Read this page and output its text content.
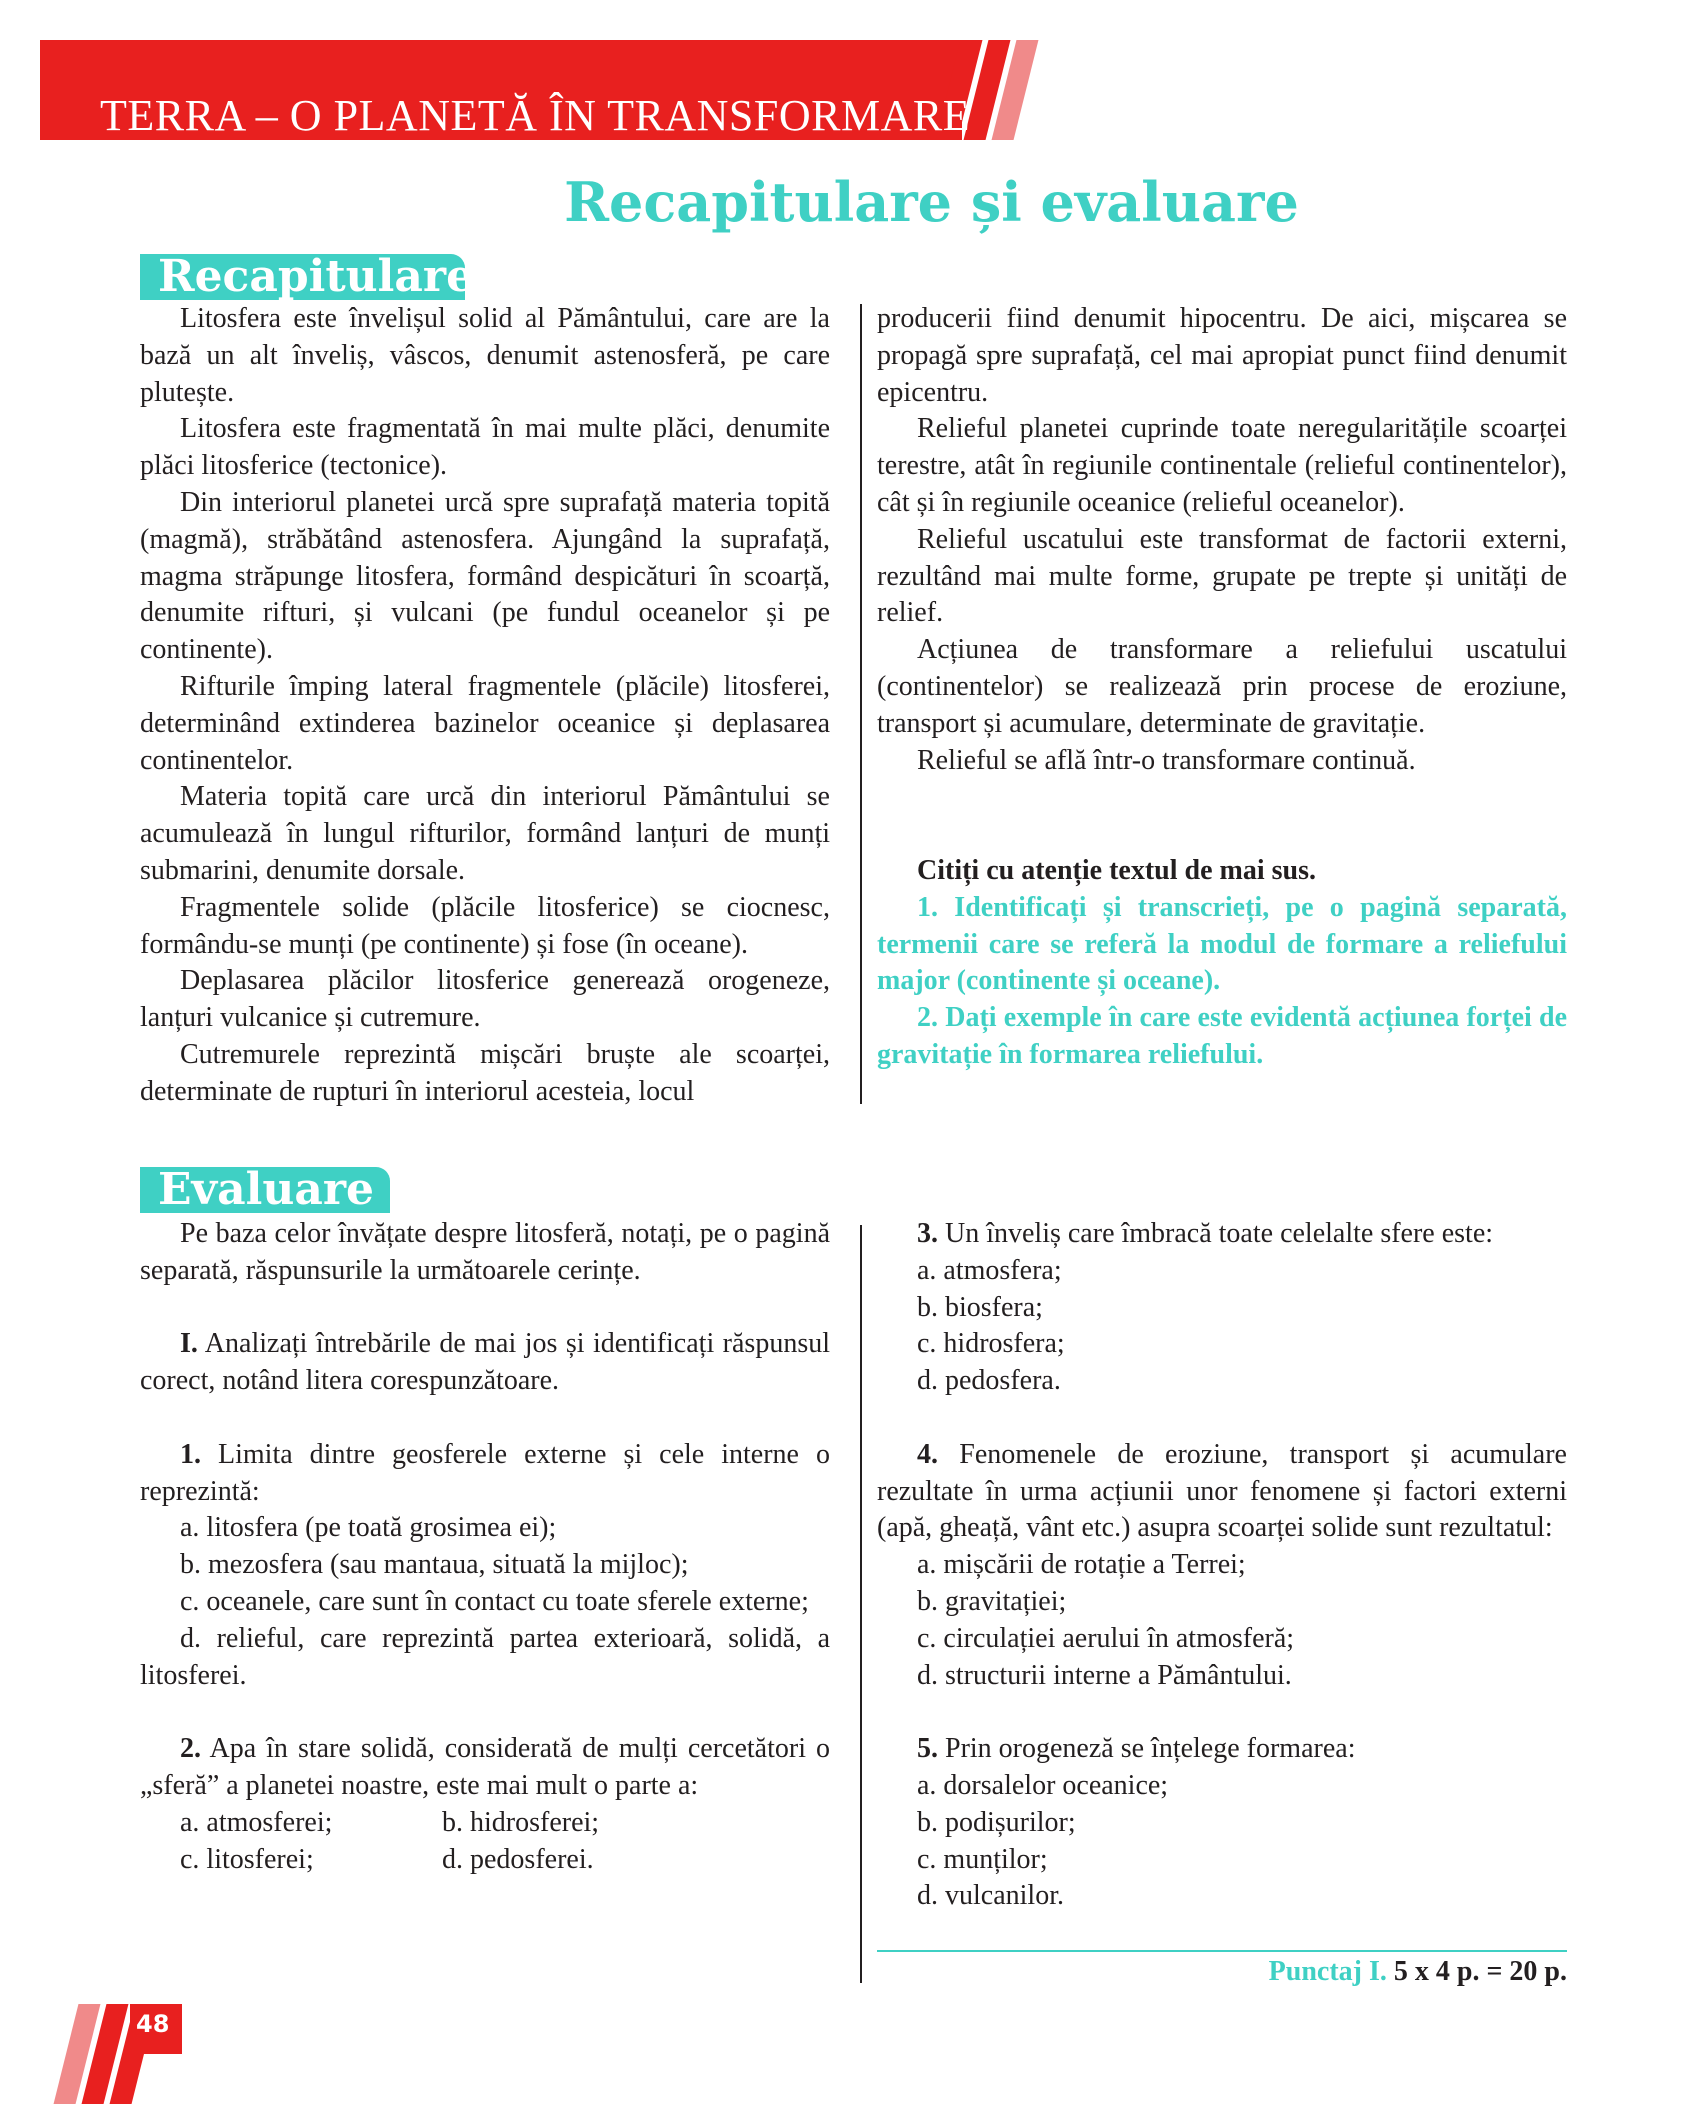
TERRA – O PLANETĂ ÎN TRANSFORMARE
Recapitulare și evaluare
Recapitulare

Litosfera este învelișul solid al Pământului, care are la bază un alt înveliș, vâscos, denumit astenosferă, pe care plutește.

Litosfera este fragmentată în mai multe plăci, denumite plăci litosferice (tectonice).

Din interiorul planetei urcă spre suprafață materia topită (magmă), străbătând astenosfera. Ajungând la suprafață, magma străpunge litosfera, formând despicături în scoarță, denumite rifturi, și vulcani (pe fundul oceanelor și pe continente).

Rifturile împing lateral fragmentele (plăcile) litosferei, determinând extinderea bazinelor oceanice și deplasarea continentelor.

Materia topită care urcă din interiorul Pământului se acumulează în lungul rifturilor, formând lanțuri de munți submarini, denumite dorsale.

Fragmentele solide (plăcile litosferice) se ciocnesc, formându-se munți (pe continente) și fose (în oceane).

Deplasarea plăcilor litosferice generează orogeneze, lanțuri vulcanice și cutremure.

Cutremurele reprezintă mișcări bruște ale scoarței, determinate de rupturi în interiorul acesteia, locul

producerii fiind denumit hipocentru. De aici, mișcarea se propagă spre suprafață, cel mai apropiat punct fiind denumit epicentru.

Relieful planetei cuprinde toate neregularitățile scoarței terestre, atât în regiunile continentale (relieful continentelor), cât și în regiunile oceanice (relieful oceanelor).

Relieful uscatului este transformat de factorii externi, rezultând mai multe forme, grupate pe trepte și unități de relief.

Acțiunea de transformare a reliefului uscatului (continentelor) se realizează prin procese de eroziune, transport și acumulare, determinate de gravitație.

Relieful se află într-o transformare continuă.

Citiți cu atenție textul de mai sus.

1. Identificați și transcrieți, pe o pagină separată, termenii care se referă la modul de formare a reliefului major (continente și oceane).

2. Dați exemple în care este evidentă acțiunea forței de gravitație în formarea reliefului.

Evaluare

Pe baza celor învățate despre litosferă, notați, pe o pagină separată, răspunsurile la următoarele cerințe.

I. Analizați întrebările de mai jos și identificați răspunsul corect, notând litera corespunzătoare.

1. Limita dintre geosferele externe și cele interne o reprezintă:

a. litosfera (pe toată grosimea ei);

b. mezosfera (sau mantaua, situată la mijloc);

c. oceanele, care sunt în contact cu toate sferele externe;

d. relieful, care reprezintă partea exterioară, solidă, a litosferei.

2. Apa în stare solidă, considerată de mulți cercetători o „sferă” a planetei noastre, este mai mult o parte a:

a. atmosferei;	b. hidrosferei;
c. litosferei;	d. pedosferei.

3. Un înveliș care îmbracă toate celelalte sfere este:

a. atmosfera;

b. biosfera;

c. hidrosfera;

d. pedosfera.

4. Fenomenele de eroziune, transport și acumulare rezultate în urma acțiunii unor fenomene și factori externi (apă, gheață, vânt etc.) asupra scoarței solide sunt rezultatul:

a. mișcării de rotație a Terrei;

b. gravitației;

c. circulației aerului în atmosferă;

d. structurii interne a Pământului.

5. Prin orogeneză se înțelege formarea:

a. dorsalelor oceanice;

b. podișurilor;

c. munților;

d. vulcanilor.

Punctaj I. 5 x 4 p. = 20 p.
48
